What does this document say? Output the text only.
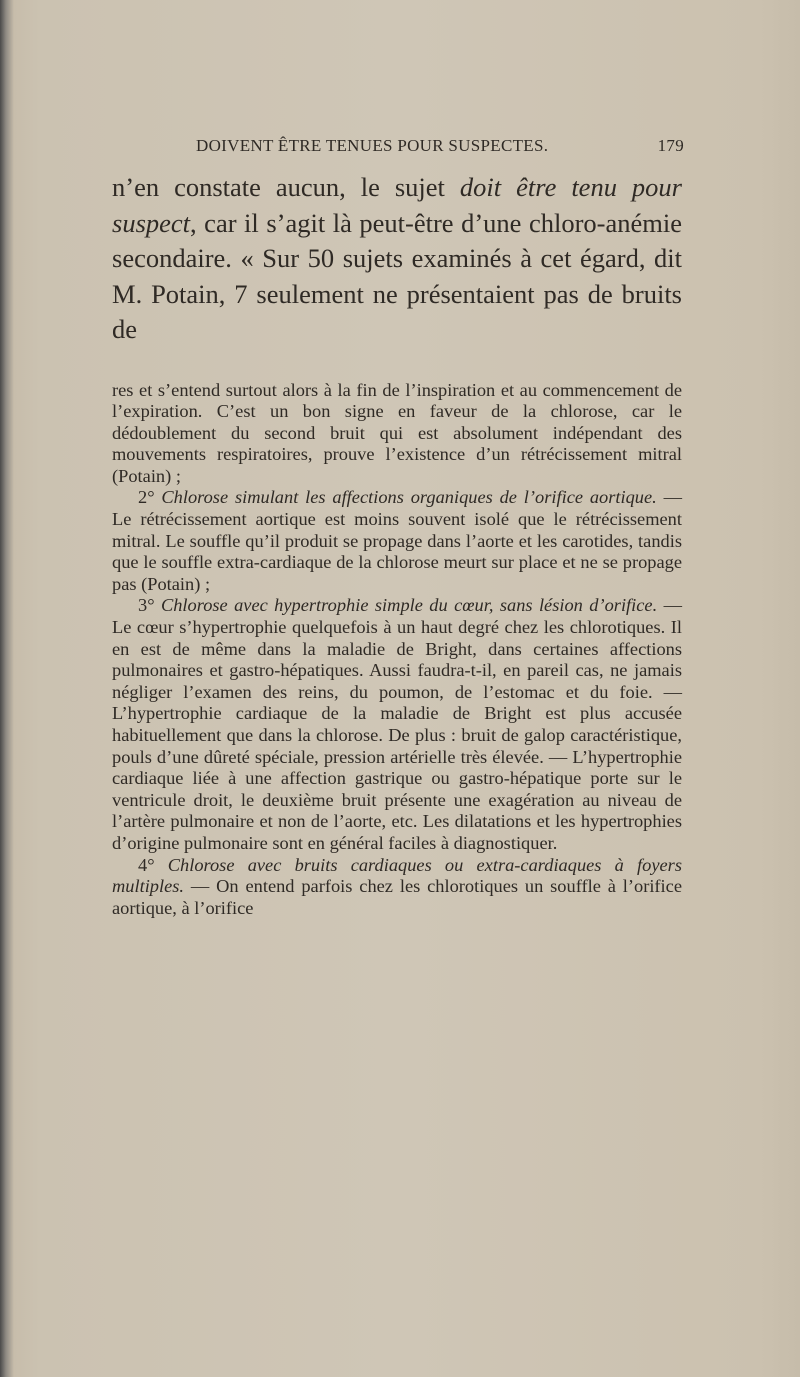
DOIVENT ÊTRE TENUES POUR SUSPECTES.	179

n’en constate aucun, le sujet doit être tenu pour suspect, car il s’agit là peut-être d’une chloro-anémie secondaire. « Sur 50 sujets examinés à cet égard, dit M. Potain, 7 seulement ne présentaient pas de bruits de

res et s’entend surtout alors à la fin de l’inspiration et au commencement de l’expiration. C’est un bon signe en faveur de la chlorose, car le dédoublement du second bruit qui est absolument indépendant des mouvements respiratoires, prouve l’existence d’un rétrécissement mitral (Potain) ;

2° Chlorose simulant les affections organiques de l’orifice aortique. — Le rétrécissement aortique est moins souvent isolé que le rétrécissement mitral. Le souffle qu’il produit se propage dans l’aorte et les carotides, tandis que le souffle extra-cardiaque de la chlorose meurt sur place et ne se propage pas (Potain) ;

3° Chlorose avec hypertrophie simple du cœur, sans lésion d’orifice. — Le cœur s’hypertrophie quelquefois à un haut degré chez les chlorotiques. Il en est de même dans la maladie de Bright, dans certaines affections pulmonaires et gastro-hépatiques. Aussi faudra-t-il, en pareil cas, ne jamais négliger l’examen des reins, du poumon, de l’estomac et du foie. — L’hypertrophie cardiaque de la maladie de Bright est plus accusée habituellement que dans la chlorose. De plus : bruit de galop caractéristique, pouls d’une dûreté spéciale, pression artérielle très élevée. — L’hypertrophie cardiaque liée à une affection gastrique ou gastro-hépatique porte sur le ventricule droit, le deuxième bruit présente une exagération au niveau de l’artère pulmonaire et non de l’aorte, etc. Les dilatations et les hypertrophies d’origine pulmonaire sont en général faciles à diagnostiquer.

4° Chlorose avec bruits cardiaques ou extra-cardiaques à foyers multiples. — On entend parfois chez les chlorotiques un souffle à l’orifice aortique, à l’orifice
